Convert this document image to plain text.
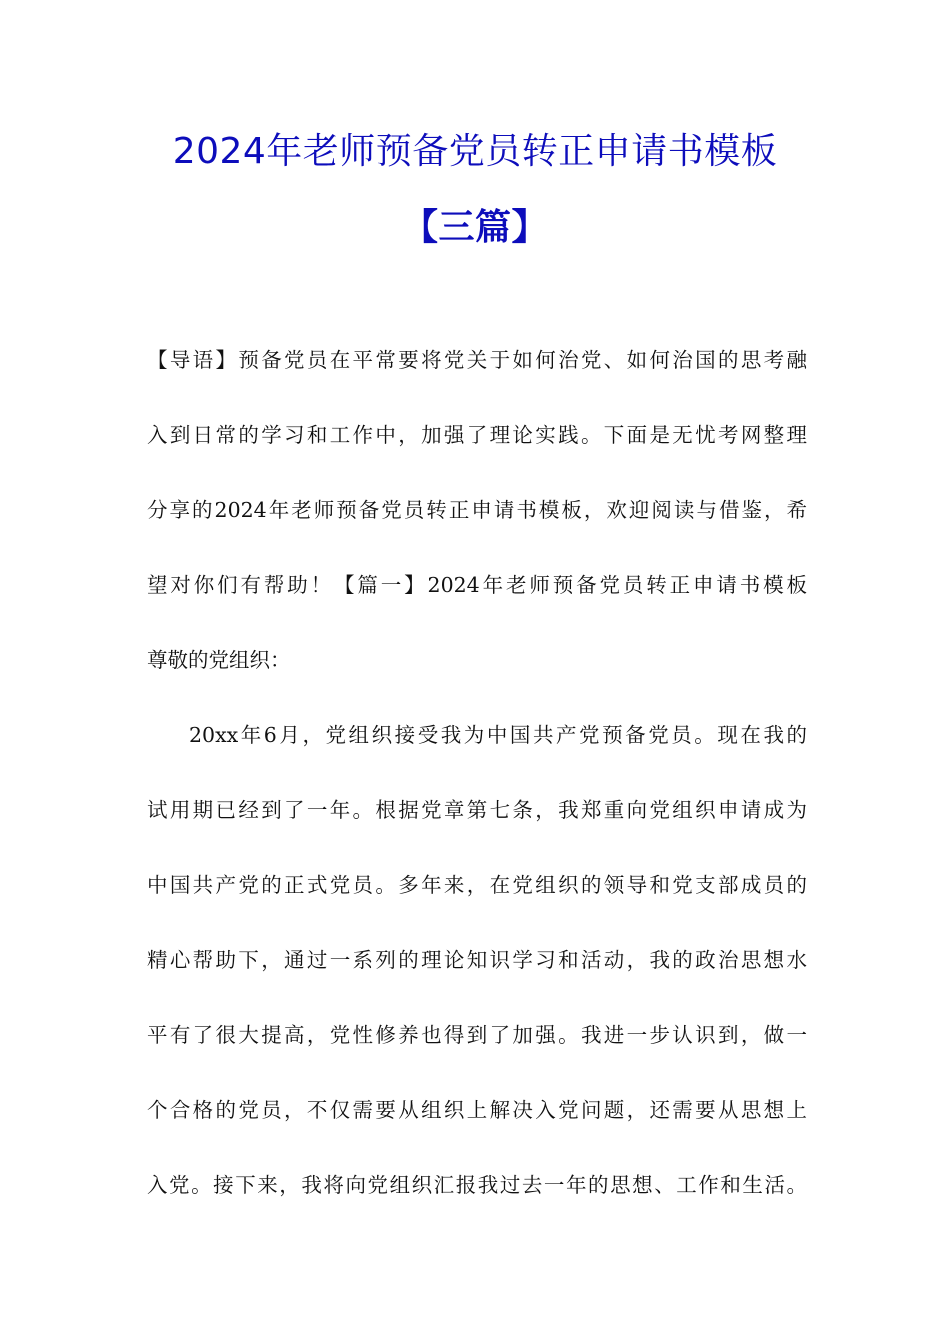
2024年老师预备党员转正申请书模板
【三篇】
【导语】预备党员在平常要将党关于如何治党、如何治国的思考融
入到日常的学习和工作中，加强了理论实践。下面是无忧考网整理
分享的2024年老师预备党员转正申请书模板，欢迎阅读与借鉴，希
望对你们有帮助！【篇一】2024年老师预备党员转正申请书模板
尊敬的党组织：
20xx年6月，党组织接受我为中国共产党预备党员。现在我的
试用期已经到了一年。根据党章第七条，我郑重向党组织申请成为
中国共产党的正式党员。多年来，在党组织的领导和党支部成员的
精心帮助下，通过一系列的理论知识学习和活动，我的政治思想水
平有了很大提高，党性修养也得到了加强。我进一步认识到，做一
个合格的党员，不仅需要从组织上解决入党问题，还需要从思想上
入党。接下来，我将向党组织汇报我过去一年的思想、工作和生活。
